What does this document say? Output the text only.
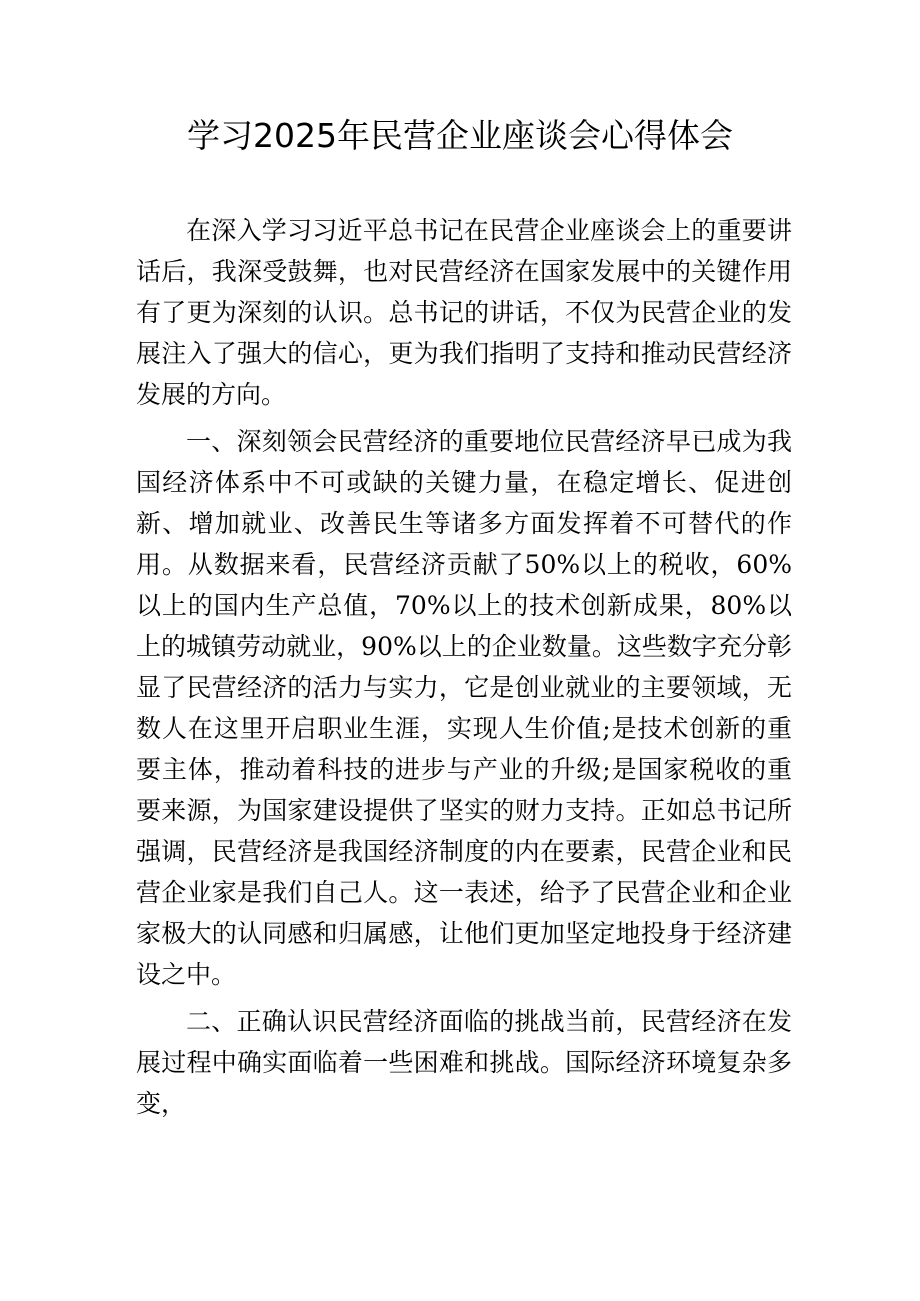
学习2025年民营企业座谈会心得体会

在深入学习习近平总书记在民营企业座谈会上的重要讲话后，我深受鼓舞，也对民营经济在国家发展中的关键作用有了更为深刻的认识。总书记的讲话，不仅为民营企业的发展注入了强大的信心，更为我们指明了支持和推动民营经济发展的方向。

一、深刻领会民营经济的重要地位民营经济早已成为我国经济体系中不可或缺的关键力量，在稳定增长、促进创新、增加就业、改善民生等诸多方面发挥着不可替代的作用。从数据来看，民营经济贡献了50%以上的税收，60%以上的国内生产总值，70%以上的技术创新成果，80%以上的城镇劳动就业，90%以上的企业数量。这些数字充分彰显了民营经济的活力与实力，它是创业就业的主要领域，无数人在这里开启职业生涯，实现人生价值;是技术创新的重要主体，推动着科技的进步与产业的升级;是国家税收的重要来源，为国家建设提供了坚实的财力支持。正如总书记所强调，民营经济是我国经济制度的内在要素，民营企业和民营企业家是我们自己人。这一表述，给予了民营企业和企业家极大的认同感和归属感，让他们更加坚定地投身于经济建设之中。

二、正确认识民营经济面临的挑战当前，民营经济在发展过程中确实面临着一些困难和挑战。国际经济环境复杂多变，
